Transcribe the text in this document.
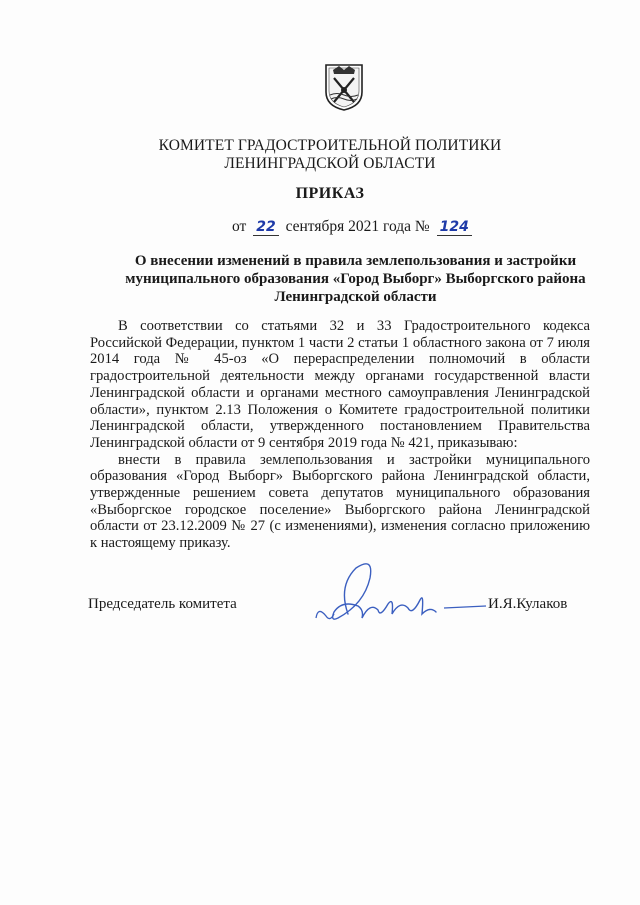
КОМИТЕТ ГРАДОСТРОИТЕЛЬНОЙ ПОЛИТИКИ
ЛЕНИНГРАДСКОЙ ОБЛАСТИ
ПРИКАЗ
от 22 сентября 2021 года № 124
О внесении изменений в правила землепользования и застройки муниципального образования «Город Выборг» Выборгского района Ленинградской области

В соответствии со статьями 32 и 33 Градостроительного кодекса Российской Федерации, пунктом 1 части 2 статьи 1 областного закона от 7 июля 2014 года № 45-оз «О перераспределении полномочий в области градостроительной деятельности между органами государственной власти Ленинградской области и органами местного самоуправления Ленинградской области», пунктом 2.13 Положения о Комитете градостроительной политики Ленинградской области, утвержденного постановлением Правительства Ленинградской области от 9 сентября 2019 года № 421, приказываю:

внести в правила землепользования и застройки муниципального образования «Город Выборг» Выборгского района Ленинградской области, утвержденные решением совета депутатов муниципального образования «Выборгское городское поселение» Выборгского района Ленинградской области от 23.12.2009 № 27 (с изменениями), изменения согласно приложению к настоящему приказу.

Председатель комитета	И.Я.Кулаков
